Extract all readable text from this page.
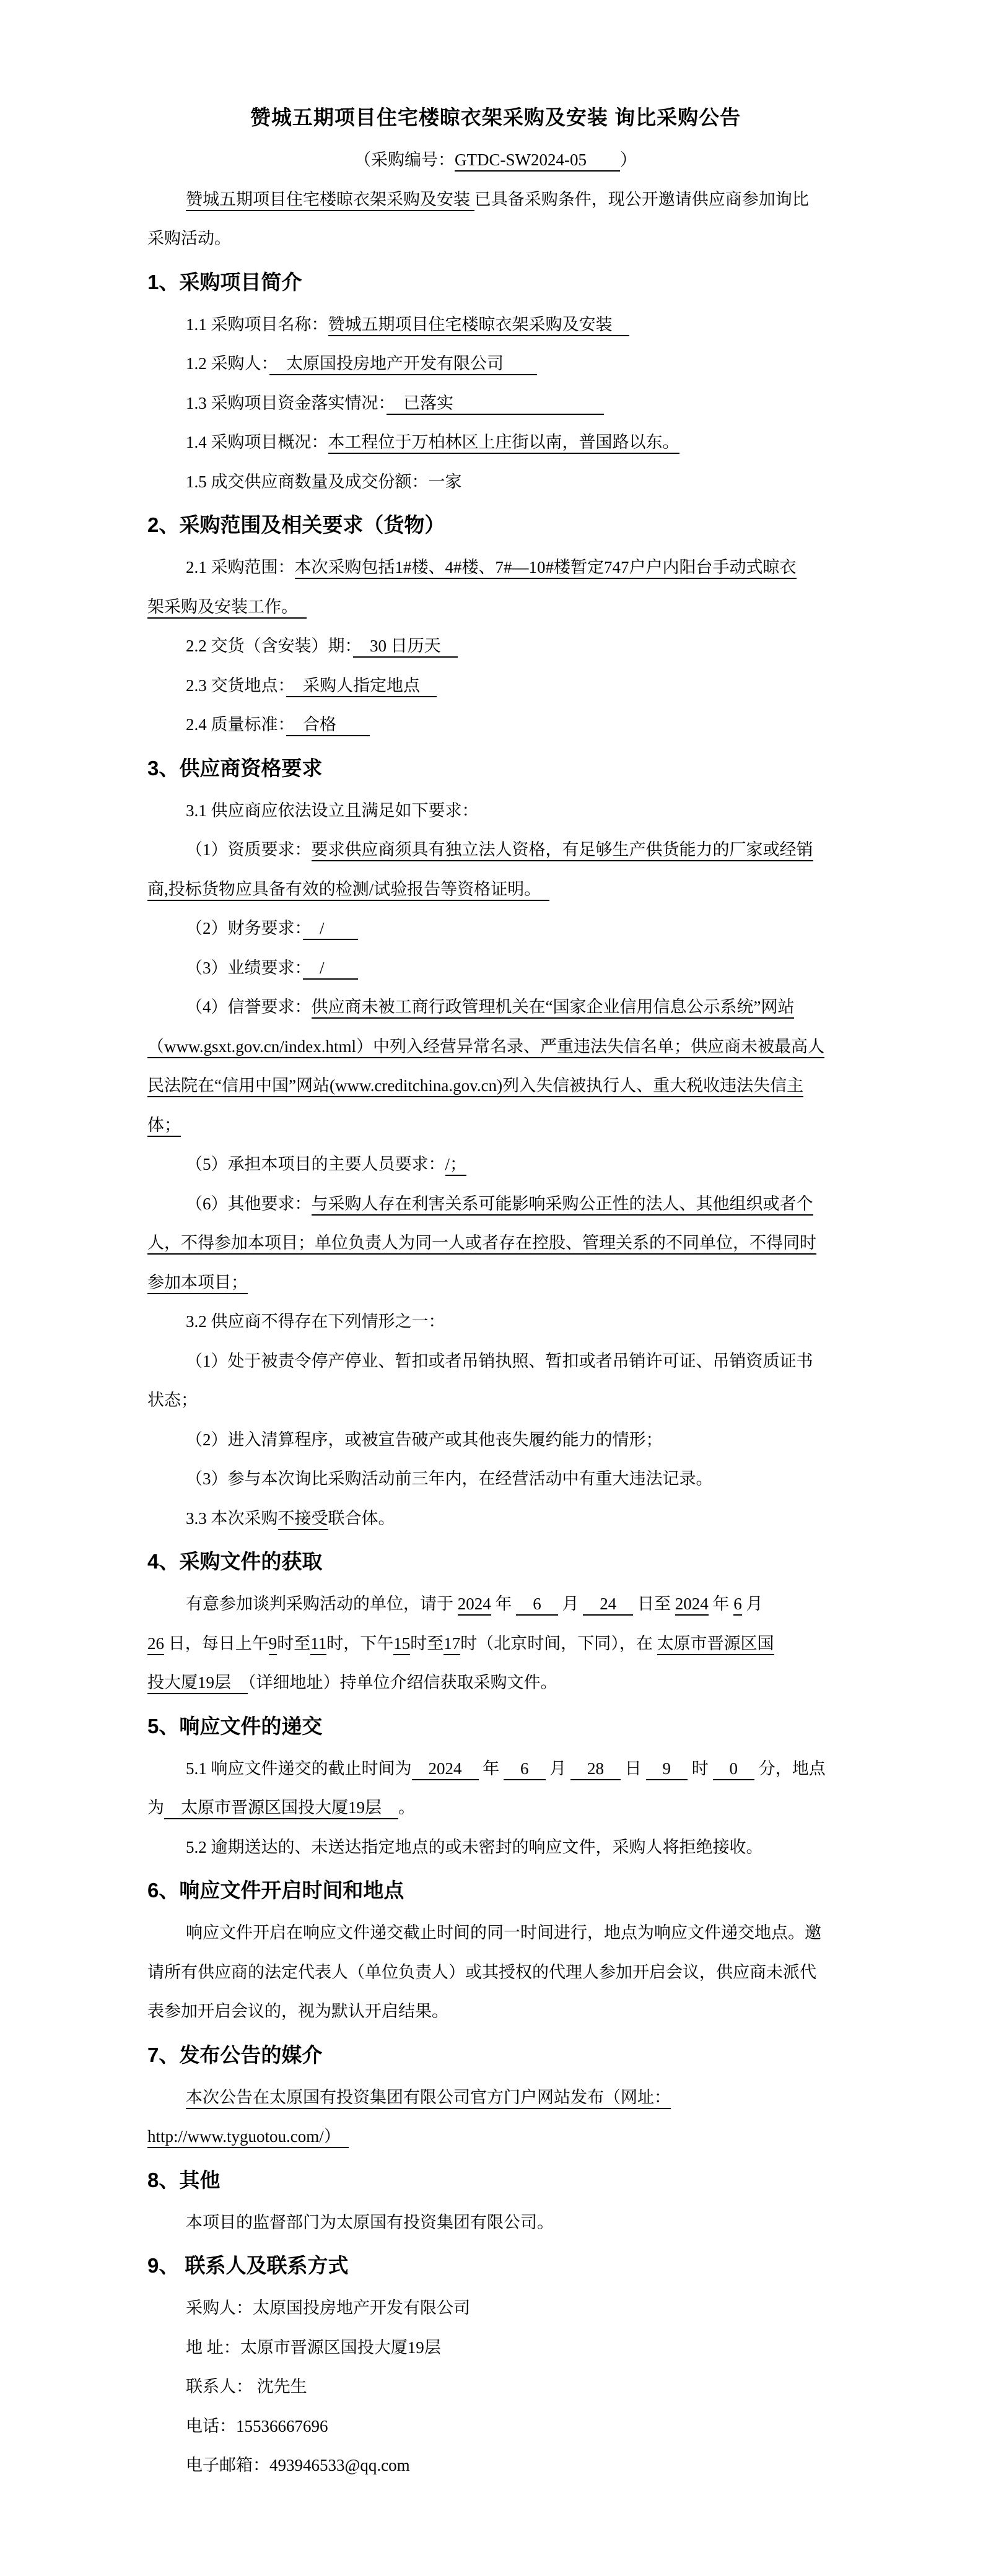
赞城五期项目住宅楼晾衣架采购及安装 询比采购公告
（采购编号：GTDC-SW2024-05　　）
赞城五期项目住宅楼晾衣架采购及安装 已具备采购条件，现公开邀请供应商参加询比
采购活动。
1、采购项目简介
1.1 采购项目名称：赞城五期项目住宅楼晾衣架采购及安装　
1.2 采购人：　太原国投房地产开发有限公司　　
1.3 采购项目资金落实情况：　已落实　　　　　　　　　
1.4 采购项目概况：本工程位于万柏林区上庄街以南，普国路以东。
1.5 成交供应商数量及成交份额：一家
2、采购范围及相关要求（货物）
2.1 采购范围：本次采购包括1#楼、4#楼、7#—10#楼暂定747户户内阳台手动式晾衣
架采购及安装工作。　
2.2 交货（含安装）期：　30 日历天　
2.3 交货地点：　采购人指定地点　
2.4 质量标准：　合格　　
3、供应商资格要求
3.1 供应商应依法设立且满足如下要求：
（1）资质要求：要求供应商须具有独立法人资格，有足够生产供货能力的厂家或经销
商,投标货物应具备有效的检测/试验报告等资格证明。　
（2）财务要求：　/　　
（3）业绩要求：　/　　
（4）信誉要求：供应商未被工商行政管理机关在“国家企业信用信息公示系统”网站
（www.gsxt.gov.cn/index.html）中列入经营异常名录、严重违法失信名单；供应商未被最高人
民法院在“信用中国”网站(www.creditchina.gov.cn)列入失信被执行人、重大税收违法失信主
体；
（5）承担本项目的主要人员要求：/；
（6）其他要求：与采购人存在利害关系可能影响采购公正性的法人、其他组织或者个
人，不得参加本项目；单位负责人为同一人或者存在控股、管理关系的不同单位，不得同时
参加本项目；
3.2 供应商不得存在下列情形之一：
（1）处于被责令停产停业、暂扣或者吊销执照、暂扣或者吊销许可证、吊销资质证书
状态；
（2）进入清算程序，或被宣告破产或其他丧失履约能力的情形；
（3）参与本次询比采购活动前三年内，在经营活动中有重大违法记录。
3.3 本次采购不接受联合体。
4、采购文件的获取
有意参加谈判采购活动的单位，请于 2024 年 　6　 月 　24　 日至 2024 年 6 月
26 日，每日上午9时至11时，下午15时至17时（北京时间，下同），在 太原市晋源区国
投大厦19层　（详细地址）持单位介绍信获取采购文件。
5、响应文件的递交
5.1 响应文件递交的截止时间为　2024　 年 　6　 月 　28　 日 　9　 时 　0　 分，地点
为　太原市晋源区国投大厦19层　。
5.2 逾期送达的、未送达指定地点的或未密封的响应文件，采购人将拒绝接收。
6、响应文件开启时间和地点
响应文件开启在响应文件递交截止时间的同一时间进行，地点为响应文件递交地点。邀
请所有供应商的法定代表人（单位负责人）或其授权的代理人参加开启会议，供应商未派代
表参加开启会议的，视为默认开启结果。
7、发布公告的媒介
本次公告在太原国有投资集团有限公司官方门户网站发布（网址：
http://www.tyguotou.com/）　
8、其他
本项目的监督部门为太原国有投资集团有限公司。
9、 联系人及联系方式
采购人：太原国投房地产开发有限公司
地 址：太原市晋源区国投大厦19层
联系人： 沈先生
电话：15536667696
电子邮箱：493946533@qq.com
